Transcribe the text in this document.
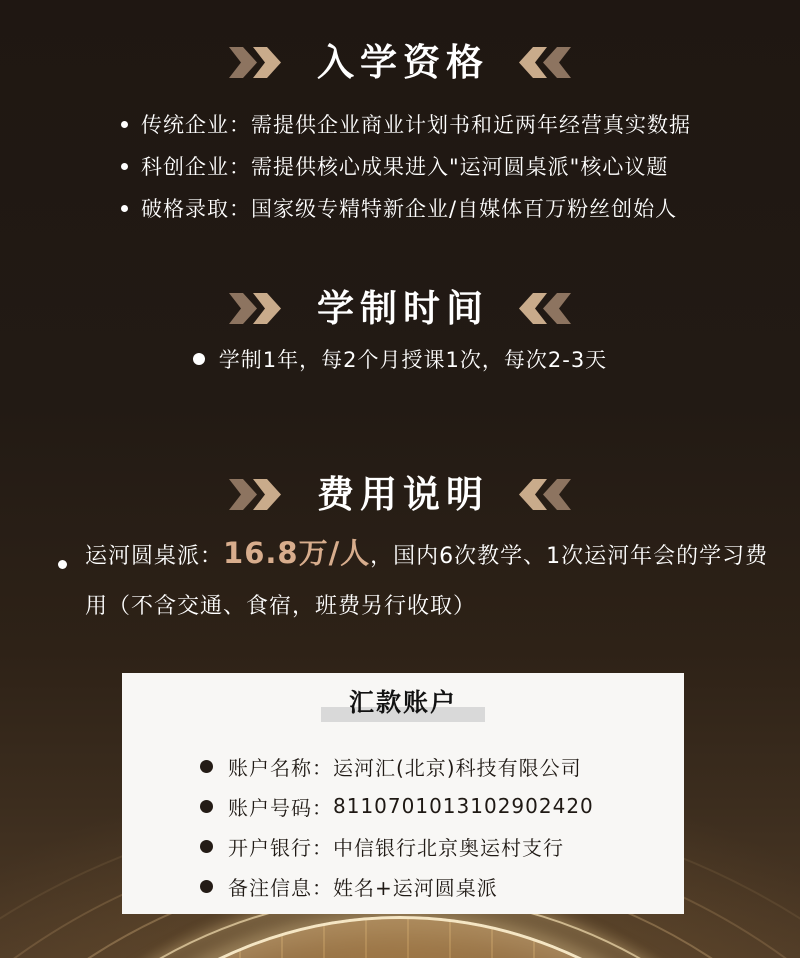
入学资格
传统企业：需提供企业商业计划书和近两年经营真实数据
科创企业：需提供核心成果进入"运河圆桌派"核心议题
破格录取：国家级专精特新企业/自媒体百万粉丝创始人
学制时间
学制1年，每2个月授课1次，每次2-3天
费用说明

运河圆桌派：16.8万/人，国内6次教学、1次运河年会的学习费用（不含交通、食宿，班费另行收取）

汇款账户
账户名称： 运河汇(北京)科技有限公司
账户号码： 8110701013102902420
开户银行： 中信银行北京奥运村支行
备注信息： 姓名+运河圆桌派
